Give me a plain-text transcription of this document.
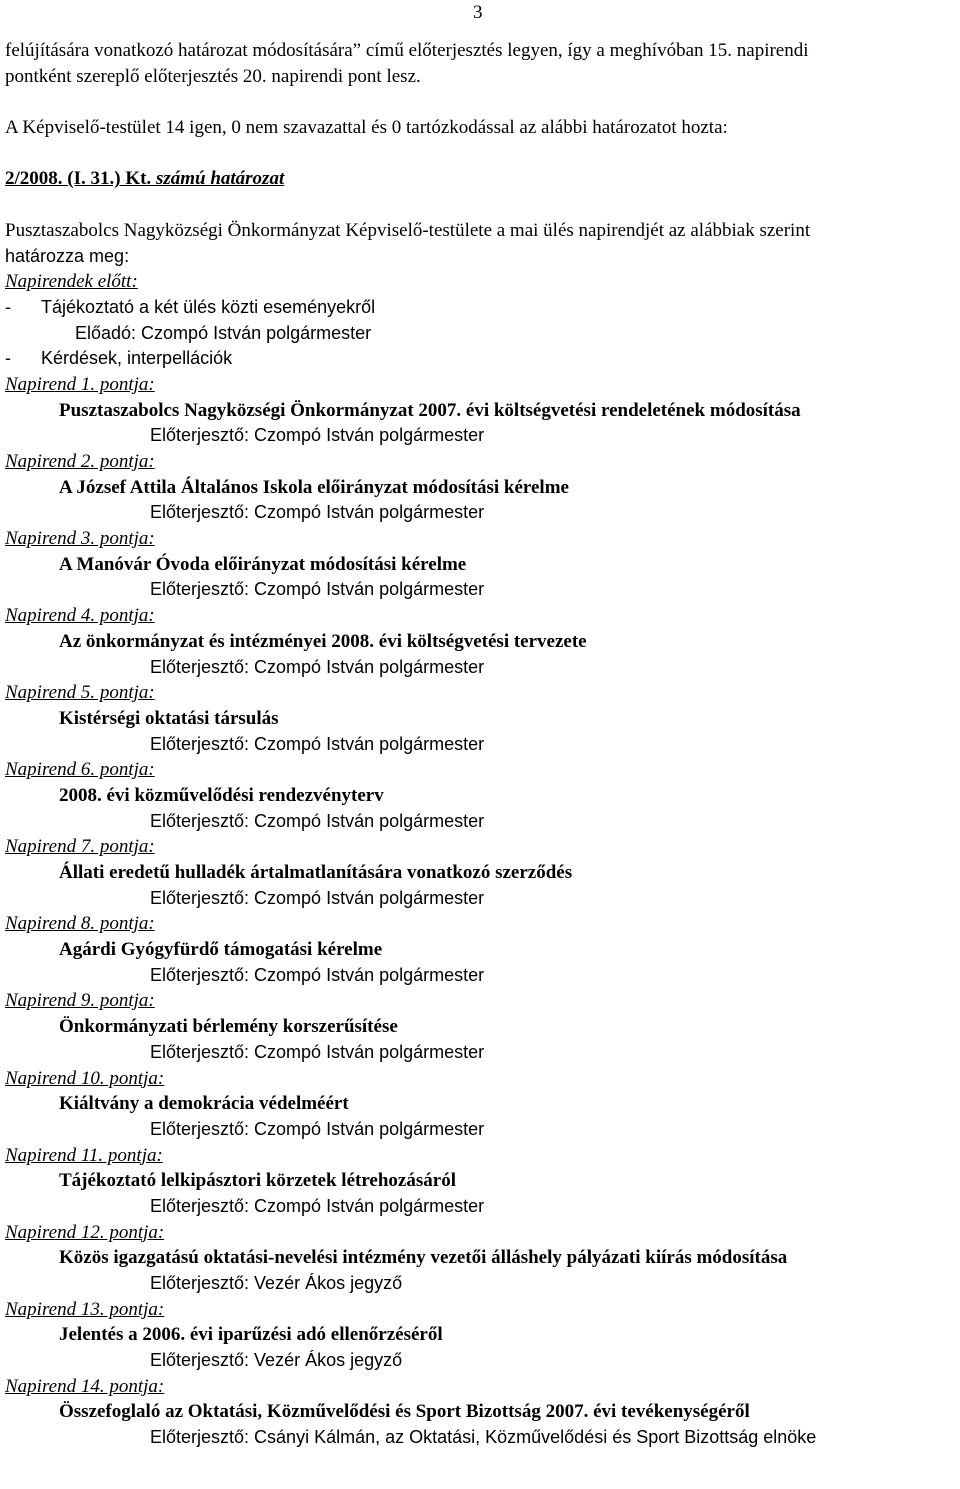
3
felújítására vonatkozó határozat módosítására” című előterjesztés legyen, így a meghívóban 15. napirendi
pontként szereplő előterjesztés 20. napirendi pont lesz.
A Képviselő-testület 14 igen, 0 nem szavazattal és 0 tartózkodással az alábbi határozatot hozta:
2/2008. (I. 31.) Kt. számú határozat
Pusztaszabolcs Nagyközségi Önkormányzat Képviselő-testülete a mai ülés napirendjét az alábbiak szerint
határozza meg:
Napirendek előtt:
- Tájékoztató a két ülés közti eseményekről
Előadó: Czompó István polgármester
- Kérdések, interpellációk
Napirend 1. pontja:
Pusztaszabolcs Nagyközségi Önkormányzat 2007. évi költségvetési rendeletének módosítása
Előterjesztő: Czompó István polgármester
Napirend 2. pontja:
A József Attila Általános Iskola előirányzat módosítási kérelme
Előterjesztő: Czompó István polgármester
Napirend 3. pontja:
A Manóvár Óvoda előirányzat módosítási kérelme
Előterjesztő: Czompó István polgármester
Napirend 4. pontja:
Az önkormányzat és intézményei 2008. évi költségvetési tervezete
Előterjesztő: Czompó István polgármester
Napirend 5. pontja:
Kistérségi oktatási társulás
Előterjesztő: Czompó István polgármester
Napirend 6. pontja:
2008. évi közművelődési rendezvényterv
Előterjesztő: Czompó István polgármester
Napirend 7. pontja:
Állati eredetű hulladék ártalmatlanítására vonatkozó szerződés
Előterjesztő: Czompó István polgármester
Napirend 8. pontja:
Agárdi Gyógyfürdő támogatási kérelme
Előterjesztő: Czompó István polgármester
Napirend 9. pontja:
Önkormányzati bérlemény korszerűsítése
Előterjesztő: Czompó István polgármester
Napirend 10. pontja:
Kiáltvány a demokrácia védelméért
Előterjesztő: Czompó István polgármester
Napirend 11. pontja:
Tájékoztató lelkipásztori körzetek létrehozásáról
Előterjesztő: Czompó István polgármester
Napirend 12. pontja:
Közös igazgatású oktatási-nevelési intézmény vezetői álláshely pályázati kiírás módosítása
Előterjesztő: Vezér Ákos jegyző
Napirend 13. pontja:
Jelentés a 2006. évi iparűzési adó ellenőrzéséről
Előterjesztő: Vezér Ákos jegyző
Napirend 14. pontja:
Összefoglaló az Oktatási, Közművelődési és Sport Bizottság 2007. évi tevékenységéről
Előterjesztő: Csányi Kálmán, az Oktatási, Közművelődési és Sport Bizottság elnöke
